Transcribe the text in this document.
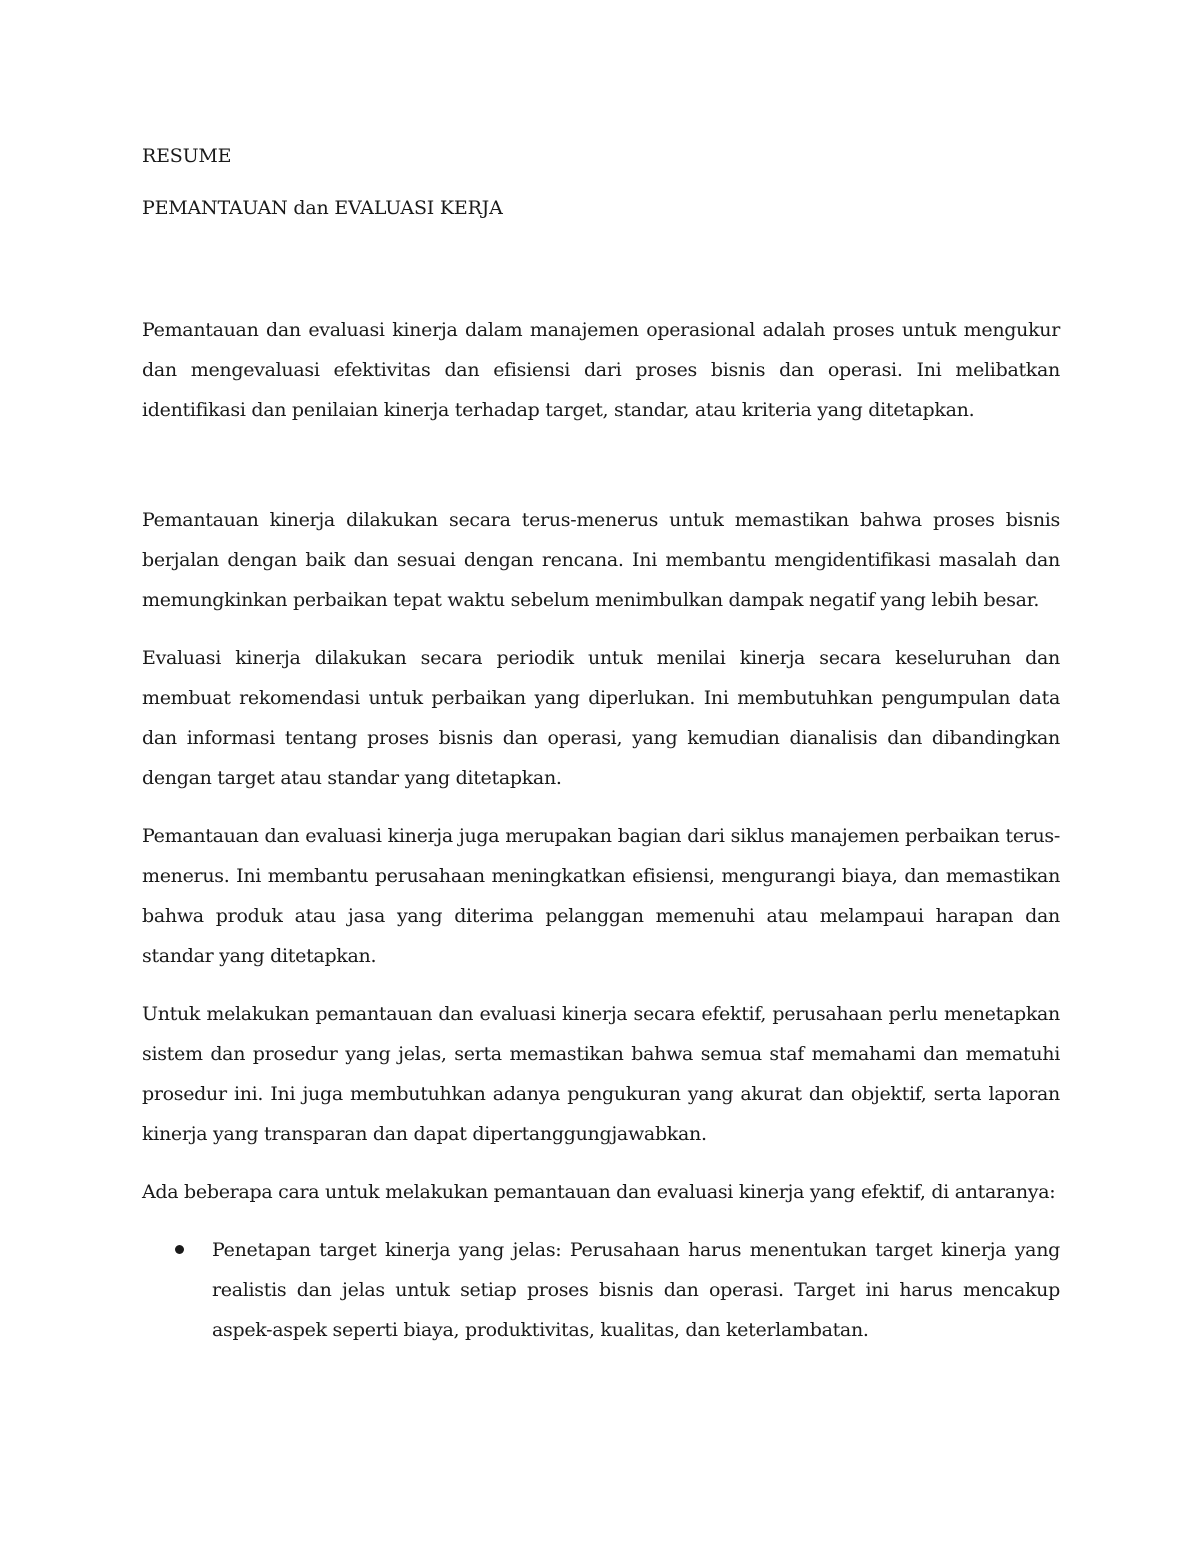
RESUME

PEMANTAUAN dan EVALUASI KERJA

Pemantauan dan evaluasi kinerja dalam manajemen operasional adalah proses untuk mengukur dan mengevaluasi efektivitas dan efisiensi dari proses bisnis dan operasi. Ini melibatkan identifikasi dan penilaian kinerja terhadap target, standar, atau kriteria yang ditetapkan.

Pemantauan kinerja dilakukan secara terus-menerus untuk memastikan bahwa proses bisnis berjalan dengan baik dan sesuai dengan rencana. Ini membantu mengidentifikasi masalah dan memungkinkan perbaikan tepat waktu sebelum menimbulkan dampak negatif yang lebih besar.

Evaluasi kinerja dilakukan secara periodik untuk menilai kinerja secara keseluruhan dan membuat rekomendasi untuk perbaikan yang diperlukan. Ini membutuhkan pengumpulan data dan informasi tentang proses bisnis dan operasi, yang kemudian dianalisis dan dibandingkan dengan target atau standar yang ditetapkan.

Pemantauan dan evaluasi kinerja juga merupakan bagian dari siklus manajemen perbaikan terus-menerus. Ini membantu perusahaan meningkatkan efisiensi, mengurangi biaya, dan memastikan bahwa produk atau jasa yang diterima pelanggan memenuhi atau melampaui harapan dan standar yang ditetapkan.

Untuk melakukan pemantauan dan evaluasi kinerja secara efektif, perusahaan perlu menetapkan sistem dan prosedur yang jelas, serta memastikan bahwa semua staf memahami dan mematuhi prosedur ini. Ini juga membutuhkan adanya pengukuran yang akurat dan objektif, serta laporan kinerja yang transparan dan dapat dipertanggungjawabkan.

Ada beberapa cara untuk melakukan pemantauan dan evaluasi kinerja yang efektif, di antaranya:

Penetapan target kinerja yang jelas: Perusahaan harus menentukan target kinerja yang realistis dan jelas untuk setiap proses bisnis dan operasi. Target ini harus mencakup aspek-aspek seperti biaya, produktivitas, kualitas, dan keterlambatan.
